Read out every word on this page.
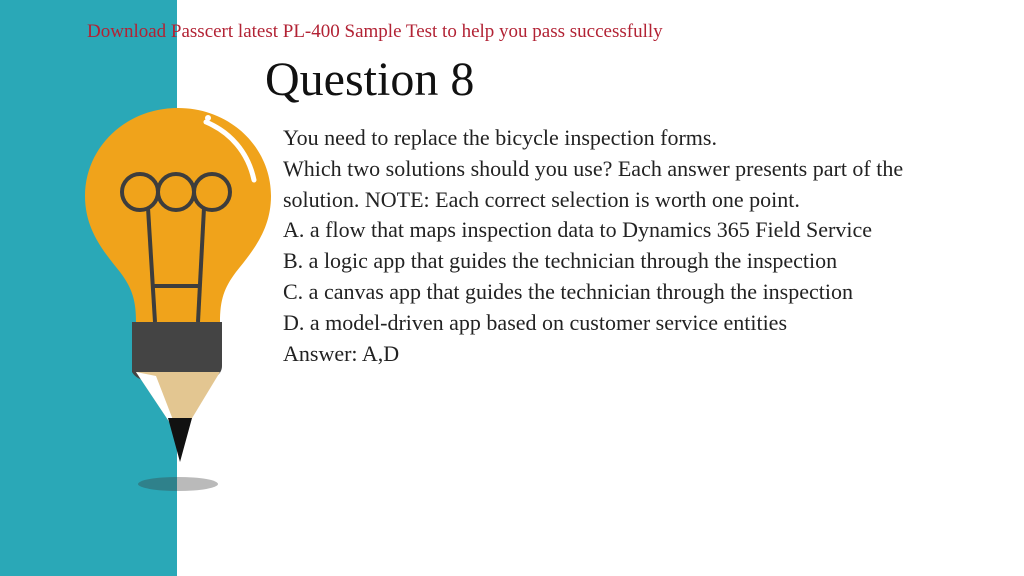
Download Passcert latest PL-400 Sample Test to help you pass successfully
Question 8
You need to replace the bicycle inspection forms.
Which two solutions should you use? Each answer presents part of the
solution. NOTE: Each correct selection is worth one point.
A. a flow that maps inspection data to Dynamics 365 Field Service
B. a logic app that guides the technician through the inspection
C. a canvas app that guides the technician through the inspection
D. a model-driven app based on customer service entities
Answer: A,D
